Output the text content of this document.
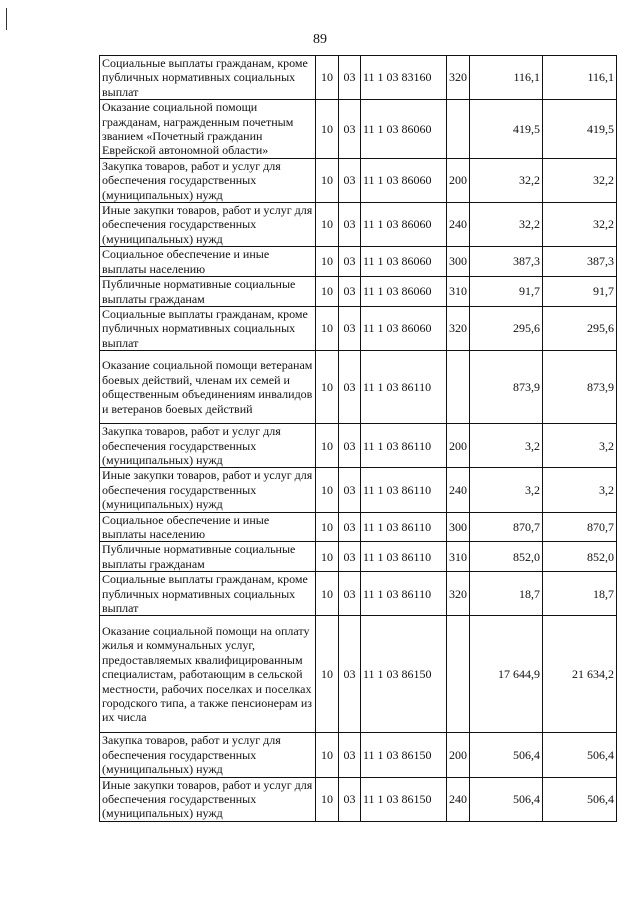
89
Социальные выплаты гражданам, кроме публичных нормативных социальных выплат	10	03	11 1 03 83160	320	116,1	116,1
Оказание социальной помощи гражданам, награжденным почетным званием «Почетный гражданин Еврейской автономной области»	10	03	11 1 03 86060		419,5	419,5
Закупка товаров, работ и услуг для обеспечения государственных (муниципальных) нужд	10	03	11 1 03 86060	200	32,2	32,2
Иные закупки товаров, работ и услуг для обеспечения государственных (муниципальных) нужд	10	03	11 1 03 86060	240	32,2	32,2
Социальное обеспечение и иные выплаты населению	10	03	11 1 03 86060	300	387,3	387,3
Публичные нормативные социальные выплаты гражданам	10	03	11 1 03 86060	310	91,7	91,7
Социальные выплаты гражданам, кроме публичных нормативных социальных выплат	10	03	11 1 03 86060	320	295,6	295,6
Оказание социальной помощи ветеранам боевых действий, членам их семей и общественным объединениям инвалидов и ветеранов боевых действий	10	03	11 1 03 86110		873,9	873,9
Закупка товаров, работ и услуг для обеспечения государственных (муниципальных) нужд	10	03	11 1 03 86110	200	3,2	3,2
Иные закупки товаров, работ и услуг для обеспечения государственных (муниципальных) нужд	10	03	11 1 03 86110	240	3,2	3,2
Социальное обеспечение и иные выплаты населению	10	03	11 1 03 86110	300	870,7	870,7
Публичные нормативные социальные выплаты гражданам	10	03	11 1 03 86110	310	852,0	852,0
Социальные выплаты гражданам, кроме публичных нормативных социальных выплат	10	03	11 1 03 86110	320	18,7	18,7
Оказание социальной помощи на оплату жилья и коммунальных услуг, предоставляемых квалифицированным специалистам, работающим в сельской местности, рабочих поселках и поселках городского типа, а также пенсионерам из их числа	10	03	11 1 03 86150		17 644,9	21 634,2
Закупка товаров, работ и услуг для обеспечения государственных (муниципальных) нужд	10	03	11 1 03 86150	200	506,4	506,4
Иные закупки товаров, работ и услуг для обеспечения государственных (муниципальных) нужд	10	03	11 1 03 86150	240	506,4	506,4
